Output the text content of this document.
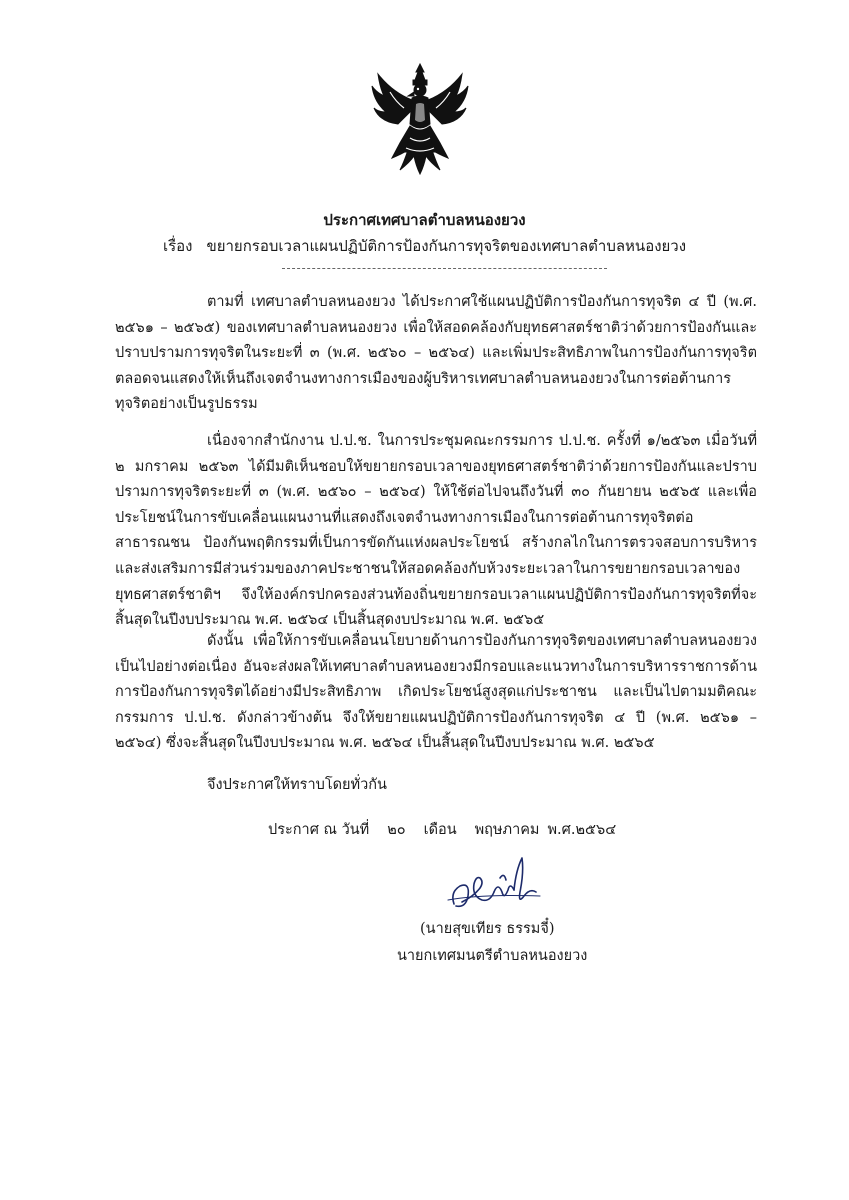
ประกาศเทศบาลตำบลหนองยวง
เรื่อง ขยายกรอบเวลาแผนปฏิบัติการป้องกันการทุจริตของเทศบาลตำบลหนองยวง

ตามที่ เทศบาลตำบลหนองยวง ได้ประกาศใช้แผนปฏิบัติการป้องกันการทุจริต ๔ ปี (พ.ศ. ๒๕๖๑ – ๒๕๖๕) ของเทศบาลตำบลหนองยวง เพื่อให้สอดคล้องกับยุทธศาสตร์ชาติว่าด้วยการป้องกันและปราบปรามการทุจริตในระยะที่ ๓ (พ.ศ. ๒๕๖๐ – ๒๕๖๔) และเพิ่มประสิทธิภาพในการป้องกันการทุจริต ตลอดจนแสดงให้เห็นถึงเจตจำนงทางการเมืองของผู้บริหารเทศบาลตำบลหนองยวงในการต่อต้านการทุจริตอย่างเป็นรูปธรรม

เนื่องจากสำนักงาน ป.ป.ช. ในการประชุมคณะกรรมการ ป.ป.ช. ครั้งที่ ๑/๒๕๖๓ เมื่อวันที่ ๒ มกราคม ๒๕๖๓ ได้มีมติเห็นชอบให้ขยายกรอบเวลาของยุทธศาสตร์ชาติว่าด้วยการป้องกันและปราบปรามการทุจริตระยะที่ ๓ (พ.ศ. ๒๕๖๐ – ๒๕๖๔) ให้ใช้ต่อไปจนถึงวันที่ ๓๐ กันยายน ๒๕๖๕ และเพื่อประโยชน์ในการขับเคลื่อนแผนงานที่แสดงถึงเจตจำนงทางการเมืองในการต่อต้านการทุจริตต่อสาธารณชน ป้องกันพฤติกรรมที่เป็นการขัดกันแห่งผลประโยชน์ สร้างกลไกในการตรวจสอบการบริหาร และส่งเสริมการมีส่วนร่วมของภาคประชาชนให้สอดคล้องกับห้วงระยะเวลาในการขยายกรอบเวลาของยุทธศาสตร์ชาติฯ จึงให้องค์กรปกครองส่วนท้องถิ่นขยายกรอบเวลาแผนปฏิบัติการป้องกันการทุจริตที่จะสิ้นสุดในปีงบประมาณ พ.ศ. ๒๕๖๔ เป็นสิ้นสุดงบประมาณ พ.ศ. ๒๕๖๕

ดังนั้น เพื่อให้การขับเคลื่อนนโยบายด้านการป้องกันการทุจริตของเทศบาลตำบลหนองยวงเป็นไปอย่างต่อเนื่อง อันจะส่งผลให้เทศบาลตำบลหนองยวงมีกรอบและแนวทางในการบริหารราชการด้านการป้องกันการทุจริตได้อย่างมีประสิทธิภาพ เกิดประโยชน์สูงสุดแก่ประชาชน และเป็นไปตามมติคณะกรรมการ ป.ป.ช. ดังกล่าวข้างต้น จึงให้ขยายแผนปฏิบัติการป้องกันการทุจริต ๔ ปี (พ.ศ. ๒๕๖๑ – ๒๕๖๔) ซึ่งจะสิ้นสุดในปีงบประมาณ พ.ศ. ๒๕๖๔ เป็นสิ้นสุดในปีงบประมาณ พ.ศ. ๒๕๖๕

จึงประกาศให้ทราบโดยทั่วกัน

ประกาศ ณ วันที่ ๒๐ เดือน พฤษภาคม พ.ศ.๒๕๖๔
(นายสุขเทียร ธรรมจี๋)
นายกเทศมนตรีตำบลหนองยวง
